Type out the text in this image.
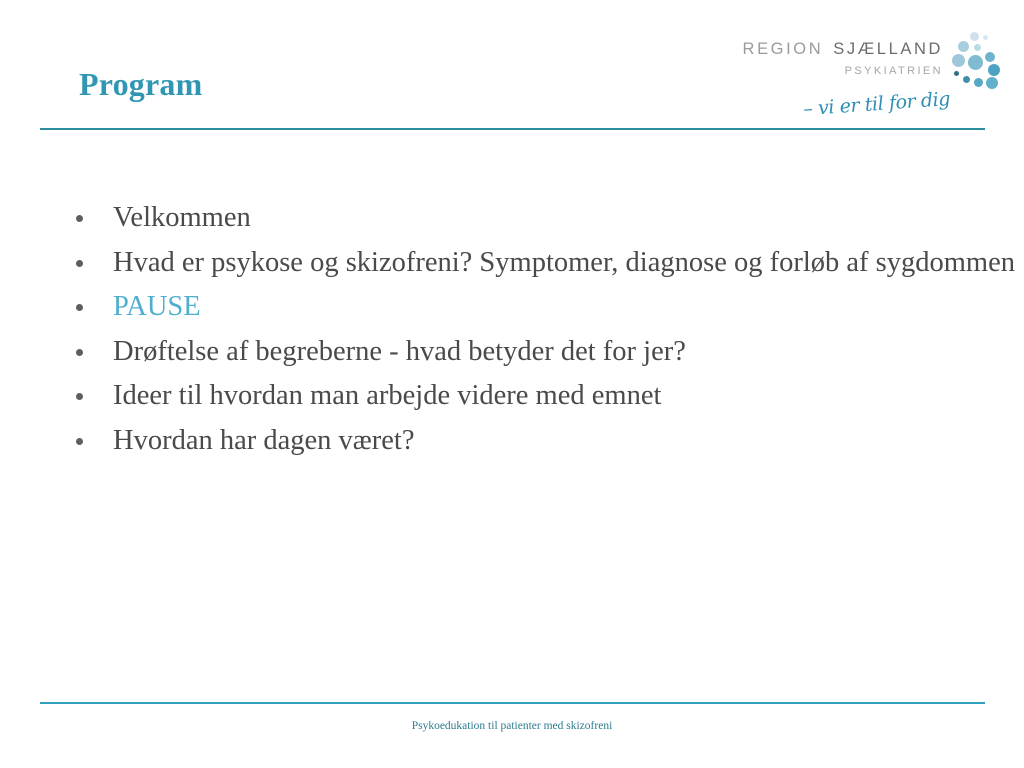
Program
REGION SJÆLLAND
PSYKIATRIEN
– vi er til for dig
Velkommen
Hvad er psykose og skizofreni? Symptomer, diagnose og forløb af sygdommen
PAUSE
Drøftelse af begreberne - hvad betyder det for jer?
Ideer til hvordan man arbejde videre med emnet
Hvordan har dagen været?
Psykoedukation til patienter med skizofreni
